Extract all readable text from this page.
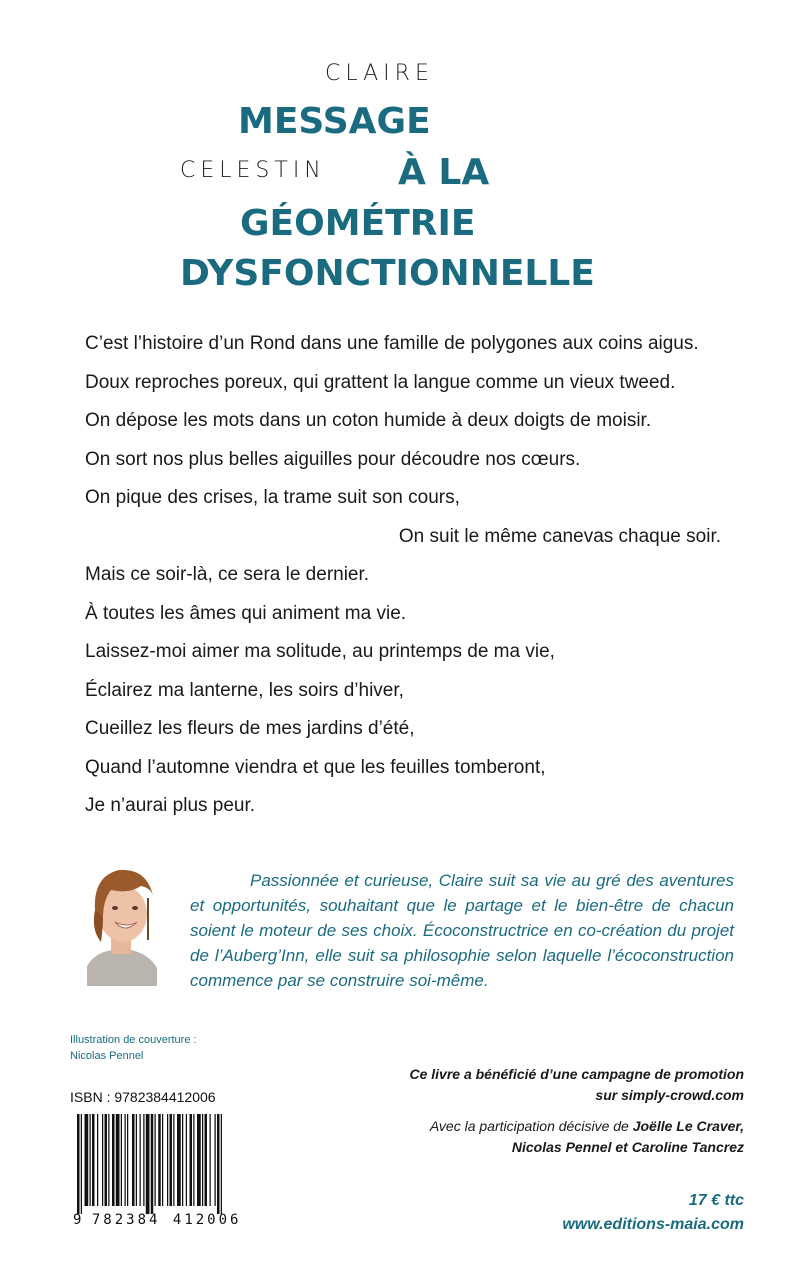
CLAIRE
MESSAGE
CELESTIN À LA
GÉOMÉTRIE
DYSFONCTIONNELLE
C’est l’histoire d’un Rond dans une famille de polygones aux coins aigus.
Doux reproches poreux, qui grattent la langue comme un vieux tweed.
On dépose les mots dans un coton humide à deux doigts de moisir.
On sort nos plus belles aiguilles pour découdre nos cœurs.
On pique des crises, la trame suit son cours,
On suit le même canevas chaque soir.
Mais ce soir-là, ce sera le dernier.
À toutes les âmes qui animent ma vie.
Laissez-moi aimer ma solitude, au printemps de ma vie,
Éclairez ma lanterne, les soirs d’hiver,
Cueillez les fleurs de mes jardins d’été,
Quand l’automne viendra et que les feuilles tomberont,
Je n’aurai plus peur.

Passionnée et curieuse, Claire suit sa vie au gré des aventures et opportunités, souhaitant que le partage et le bien-être de chacun soient le moteur de ses choix. Écoconstructrice en co-création du projet de l’Auberg’Inn, elle suit sa philosophie selon laquelle l’écoconstruction commence par se construire soi-même.

Illustration de couverture :
Nicolas Pennel
Ce livre a bénéficié d’une campagne de promotion
sur simply-crowd.com
Avec la participation décisive de Joëlle Le Craver,
Nicolas Pennel et Caroline Tancrez
ISBN : 9782384412006
9 782384 412006
17 € ttc
www.editions-maia.com
